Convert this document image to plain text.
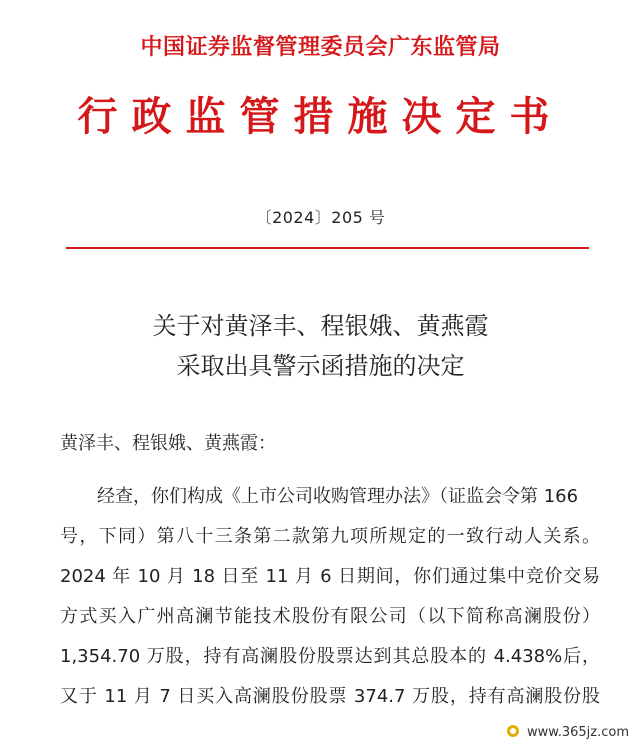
中国证券监督管理委员会广东监管局
行政监管措施决定书
〔2024〕205 号
关于对黄泽丰、程银娥、黄燕霞
采取出具警示函措施的决定
黄泽丰、程银娥、黄燕霞：
经查，你们构成《上市公司收购管理办法》（证监会令第 166
号，下同）第八十三条第二款第九项所规定的一致行动人关系。
2024 年 10 月 18 日至 11 月 6 日期间，你们通过集中竞价交易
方式买入广州高澜节能技术股份有限公司（以下简称高澜股份）
1,354.70 万股，持有高澜股份股票达到其总股本的 4.438%后，
又于 11 月 7 日买入高澜股份股票 374.7 万股，持有高澜股份股
www.365jz.com
